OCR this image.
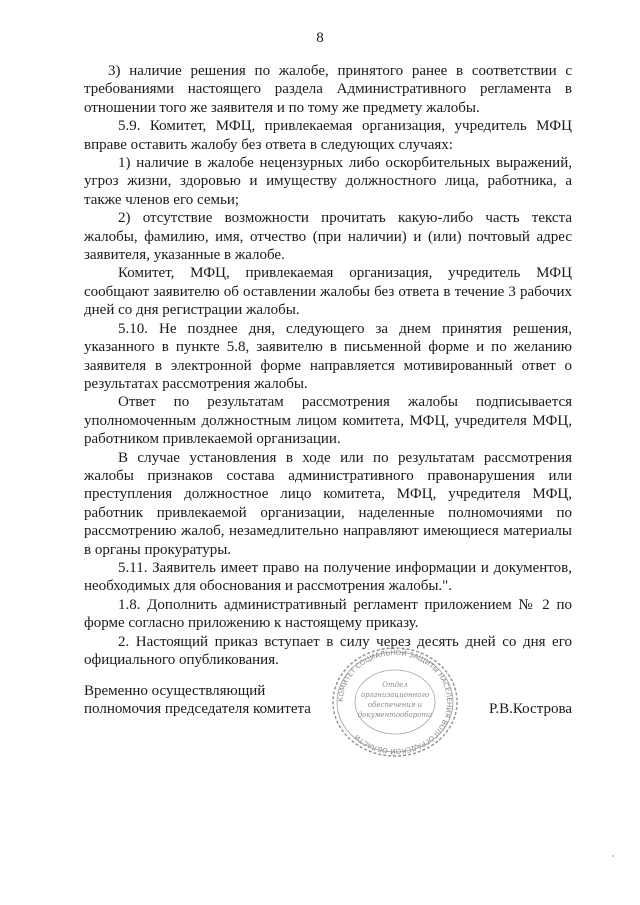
8

3) наличие решения по жалобе, принятого ранее в соответствии с требованиями настоящего раздела Административного регламента в отношении того же заявителя и по тому же предмету жалобы.

5.9. Комитет, МФЦ, привлекаемая организация, учредитель МФЦ вправе оставить жалобу без ответа в следующих случаях:

1) наличие в жалобе нецензурных либо оскорбительных выражений, угроз жизни, здоровью и имуществу должностного лица, работника, а также членов его семьи;

2) отсутствие возможности прочитать какую-либо часть текста жалобы, фамилию, имя, отчество (при наличии) и (или) почтовый адрес заявителя, указанные в жалобе.

Комитет, МФЦ, привлекаемая организация, учредитель МФЦ сообщают заявителю об оставлении жалобы без ответа в течение 3 рабочих дней со дня регистрации жалобы.

5.10. Не позднее дня, следующего за днем принятия решения, указанного в пункте 5.8, заявителю в письменной форме и по желанию заявителя в электронной форме направляется мотивированный ответ о результатах рассмотрения жалобы.

Ответ по результатам рассмотрения жалобы подписывается уполномоченным должностным лицом комитета, МФЦ, учредителя МФЦ, работником привлекаемой организации.

В случае установления в ходе или по результатам рассмотрения жалобы признаков состава административного правонарушения или преступления должностное лицо комитета, МФЦ, учредителя МФЦ, работник привлекаемой организации, наделенные полномочиями по рассмотрению жалоб, незамедлительно направляют имеющиеся материалы в органы прокуратуры.

5.11. Заявитель имеет право на получение информации и документов, необходимых для обоснования и рассмотрения жалобы.".

1.8. Дополнить административный регламент приложением № 2 по форме согласно приложению к настоящему приказу.

2. Настоящий приказ вступает в силу через десять дней со дня его официального опубликования.

Временно осуществляющий
полномочия председателя комитета	Р.В.Кострова
КОМИТЕТ СОЦИАЛЬНОЙ ЗАЩИТЫ НАСЕЛЕНИЯ ВОЛГОГРАДСКОЙ ОБЛАСТИ
Отдел
организационного
обеспечения и
документооборота
